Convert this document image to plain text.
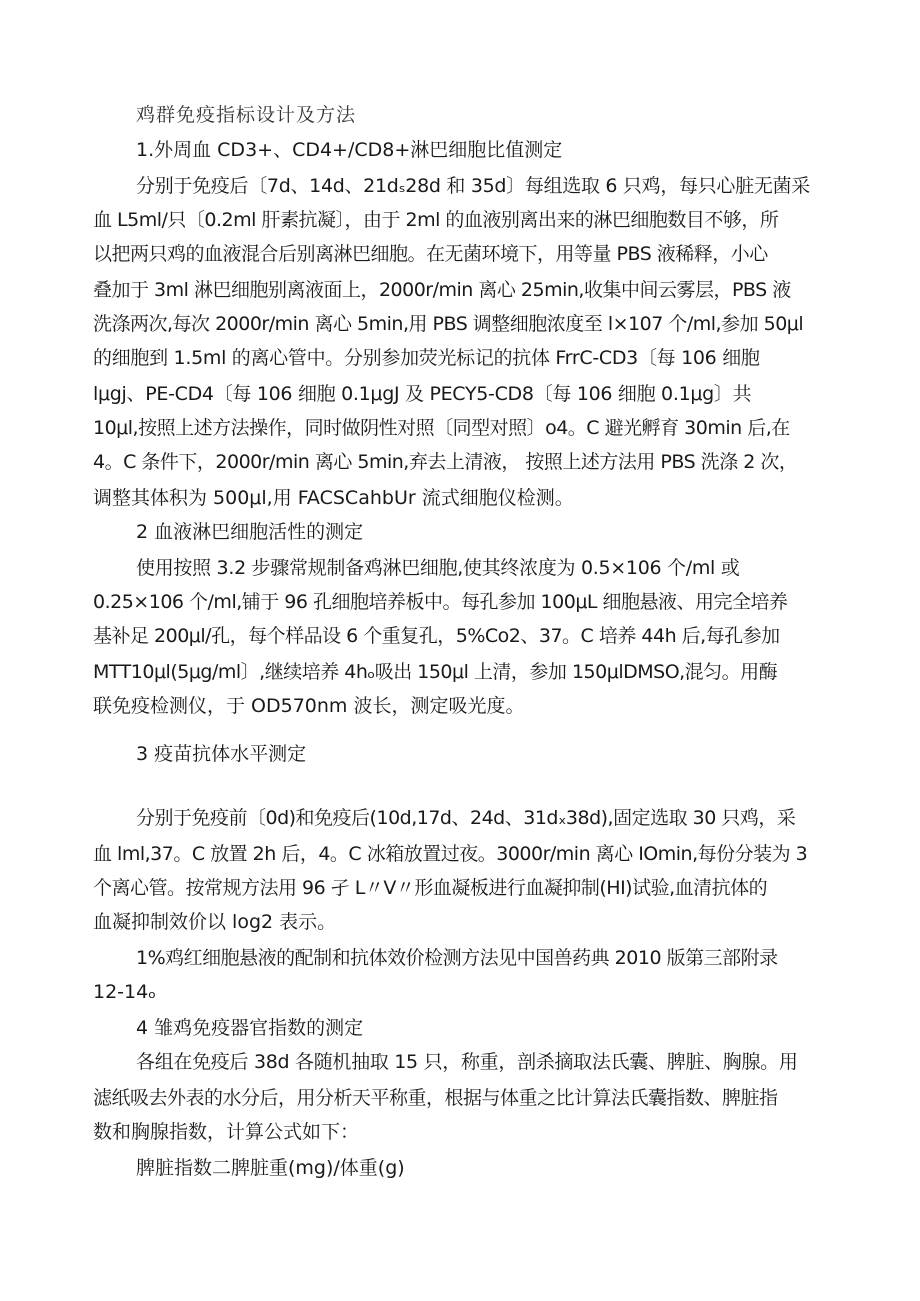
鸡群免疫指标设计及方法
1.外周血 CD3+、CD4+∕CD8+淋巴细胞比值测定
分别于免疫后〔7d、14d、21dₛ28d 和 35d〕每组选取 6 只鸡，每只心脏无菌采
血 L5ml/只〔0.2ml 肝素抗凝〕，由于 2ml 的血液别离出来的淋巴细胞数目不够，所
以把两只鸡的血液混合后别离淋巴细胞。在无菌环境下，用等量 PBS 液稀释，小心
叠加于 3ml 淋巴细胞别离液面上，2000r∕min 离心 25min,收集中间云雾层，PBS 液
洗涤两次,每次 2000r/min 离心 5min,用 PBS 调整细胞浓度至 l×107 个/ml,参加 50μl
的细胞到 1.5ml 的离心管中。分别参加荧光标记的抗体 FrrC-CD3〔每 106 细胞
lμgj、PE-CD4〔每 106 细胞 0.1μgJ 及 PECY5-CD8〔每 106 细胞 0.1μg〕共
10μl,按照上述方法操作，同时做阴性对照〔同型对照〕o4。C 避光孵育 30min 后,在
4。C 条件下，2000r/min 离心 5min,弃去上清液， 按照上述方法用 PBS 洗涤 2 次，
调整其体积为 500μl,用 FACSCahbUr 流式细胞仪检测。
2 血液淋巴细胞活性的测定
使用按照 3.2 步骤常规制备鸡淋巴细胞,使其终浓度为 0.5×106 个/ml 或
0.25×106 个/ml,铺于 96 孔细胞培养板中。每孔参加 100μL 细胞悬液、用完全培养
基补足 200μl∕孔，每个样品设 6 个重复孔，5%Co2、37。C 培养 44h 后,每孔参加
MTT10μl(5μg∕ml〕,继续培养 4hₒ吸出 150μl 上清，参加 150μlDMSO,混匀。用酶
联免疫检测仪，于 OD570nm 波长，测定吸光度。
3 疫苗抗体水平测定
分别于免疫前〔0d)和免疫后(10d,17d、24d、31dₓ38d),固定选取 30 只鸡，采
血 lml,37。C 放置 2h 后，4。C 冰箱放置过夜。3000r∕min 离心 IOmin,每份分装为 3
个离心管。按常规方法用 96 孑 L〃V〃形血凝板进行血凝抑制(HI)试验,血清抗体的
血凝抑制效价以 log2 表示。
1%鸡红细胞悬液的配制和抗体效价检测方法见中国兽药典 2010 版第三部附录
12-14ₒ
4 雏鸡免疫器官指数的测定
各组在免疫后 38d 各随机抽取 15 只，称重，剖杀摘取法氏囊、脾脏、胸腺。用
滤纸吸去外表的水分后，用分析天平称重，根据与体重之比计算法氏囊指数、脾脏指
数和胸腺指数，计算公式如下：
脾脏指数二脾脏重(mg)/体重(g)
